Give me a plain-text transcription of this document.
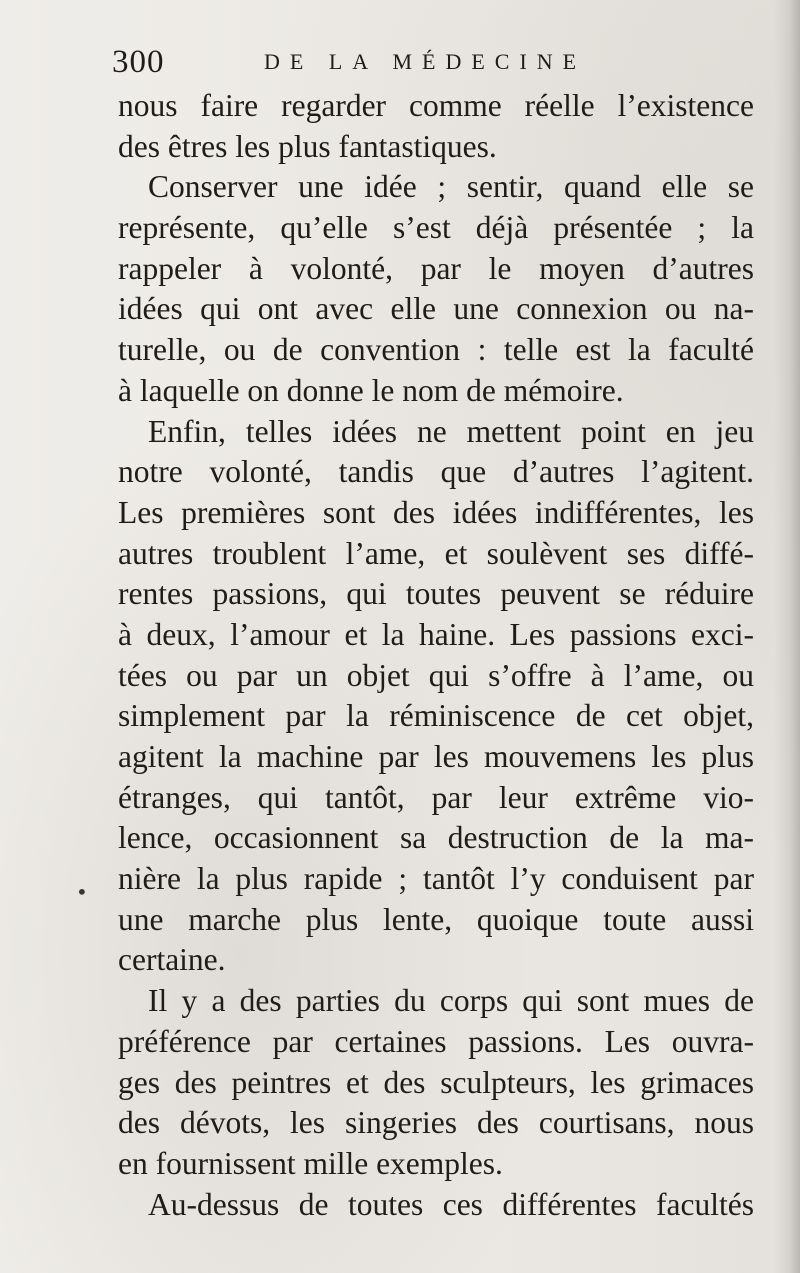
300	DE LA MÉDECINE
nous faire regarder comme réelle l’existence
des êtres les plus fantastiques.
Conserver une idée ; sentir, quand elle se
représente, qu’elle s’est déjà présentée ; la
rappeler à volonté, par le moyen d’autres
idées qui ont avec elle une connexion ou na-
turelle, ou de convention : telle est la faculté
à laquelle on donne le nom de mémoire.
Enfin, telles idées ne mettent point en jeu
notre volonté, tandis que d’autres l’agitent.
Les premières sont des idées indifférentes, les
autres troublent l’ame, et soulèvent ses diffé-
rentes passions, qui toutes peuvent se réduire
à deux, l’amour et la haine. Les passions exci-
tées ou par un objet qui s’offre à l’ame, ou
simplement par la réminiscence de cet objet,
agitent la machine par les mouvemens les plus
étranges, qui tantôt, par leur extrême vio-
lence, occasionnent sa destruction de la ma-
nière la plus rapide ; tantôt l’y conduisent par
une marche plus lente, quoique toute aussi
certaine.
Il y a des parties du corps qui sont mues de
préférence par certaines passions. Les ouvra-
ges des peintres et des sculpteurs, les grimaces
des dévots, les singeries des courtisans, nous
en fournissent mille exemples.
Au-dessus de toutes ces différentes facultés
•
